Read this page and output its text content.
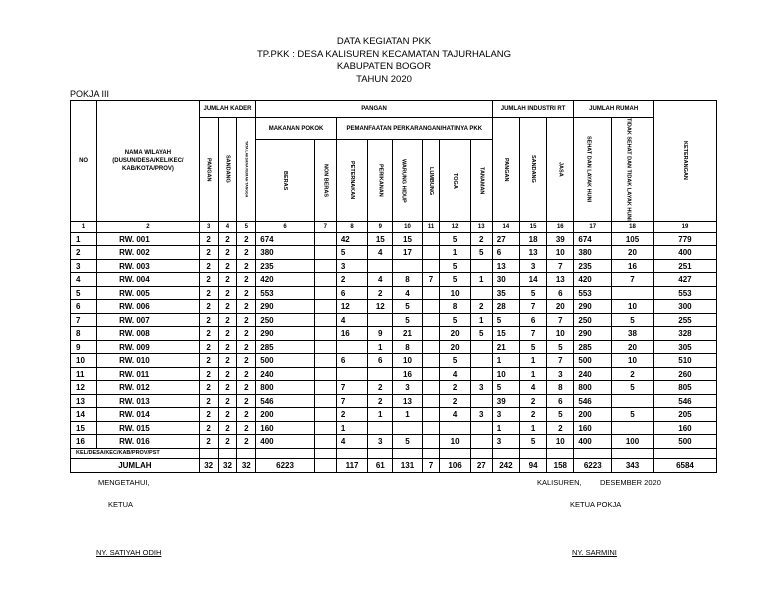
DATA KEGIATAN PKK
TP.PKK : DESA KALISUREN KECAMATAN TAJURHALANG
KABUPATEN BOGOR
TAHUN 2020
POKJA III
NO	NAMA WILAYAH (DUSUN/DESA/KEL/KEC/ KAB/KOTA/PROV)	JUMLAH KADER			PANGAN								JUMLAH INDUSTRI RT			JUMLAH RUMAH		KETERANGAN

		PANGAN	SANDANG	TATA LAKSANA RUMAH TANGGA	MAKANAN POKOK		PEMANFAATAN PERKARANGAN/HATINYA PKK						PANGAN	SANDANG	JASA	SEHAT DAN LAYAK HUNI	TIDAK SEHAT DAN TIDAK LAYAK HUNI	

					BERAS	NON BERAS	PETERNAKAN	PERIKANAN	WARUNG HIDUP	LUMBUNG	TOGA	TANAMAN						

1	2	3	4	5	6	7	8	9	10	11	12	13	14	15	16	17	18	19
1	RW. 001	2	2	2	674		42	15	15		5	2	27	18	39	674	105	779
2	RW. 002	2	2	2	380		5	4	17		1	5	6	13	10	380	20	400
3	RW. 003	2	2	2	235		3				5		13	3	7	235	16	251
4	RW. 004	2	2	2	420		2	4	8	7	5	1	30	14	13	420	7	427
5	RW. 005	2	2	2	553		6	2	4		10		35	5	6	553		553
6	RW. 006	2	2	2	290		12	12	5		8	2	28	7	20	290	10	300
7	RW. 007	2	2	2	250		4		5		5	1	5	6	7	250	5	255
8	RW. 008	2	2	2	290		16	9	21		20	5	15	7	10	290	38	328
9	RW. 009	2	2	2	285			1	8		20		21	5	5	285	20	305
10	RW. 010	2	2	2	500		6	6	10		5		1	1	7	500	10	510
11	RW. 011	2	2	2	240				16		4		10	1	3	240	2	260
12	RW. 012	2	2	2	800		7	2	3		2	3	5	4	8	800	5	805
13	RW. 013	2	2	2	546		7	2	13		2		39	2	6	546		546
14	RW. 014	2	2	2	200		2	1	1		4	3	3	2	5	200	5	205
15	RW. 015	2	2	2	160		1						1	1	2	160		160
16	RW. 016	2	2	2	400		4	3	5		10		3	5	10	400	100	500
KEL/DESA/KEC/KAB/PROV/PST																		
JUMLAH		32	32	32	6223		117	61	131	7	106	27	242	94	158	6223	343	6584
MENGETAHUI,
KETUA
NY. SATIYAH ODIH
KALISUREN, DESEMBER 2020
KETUA POKJA
NY. SARMINI
